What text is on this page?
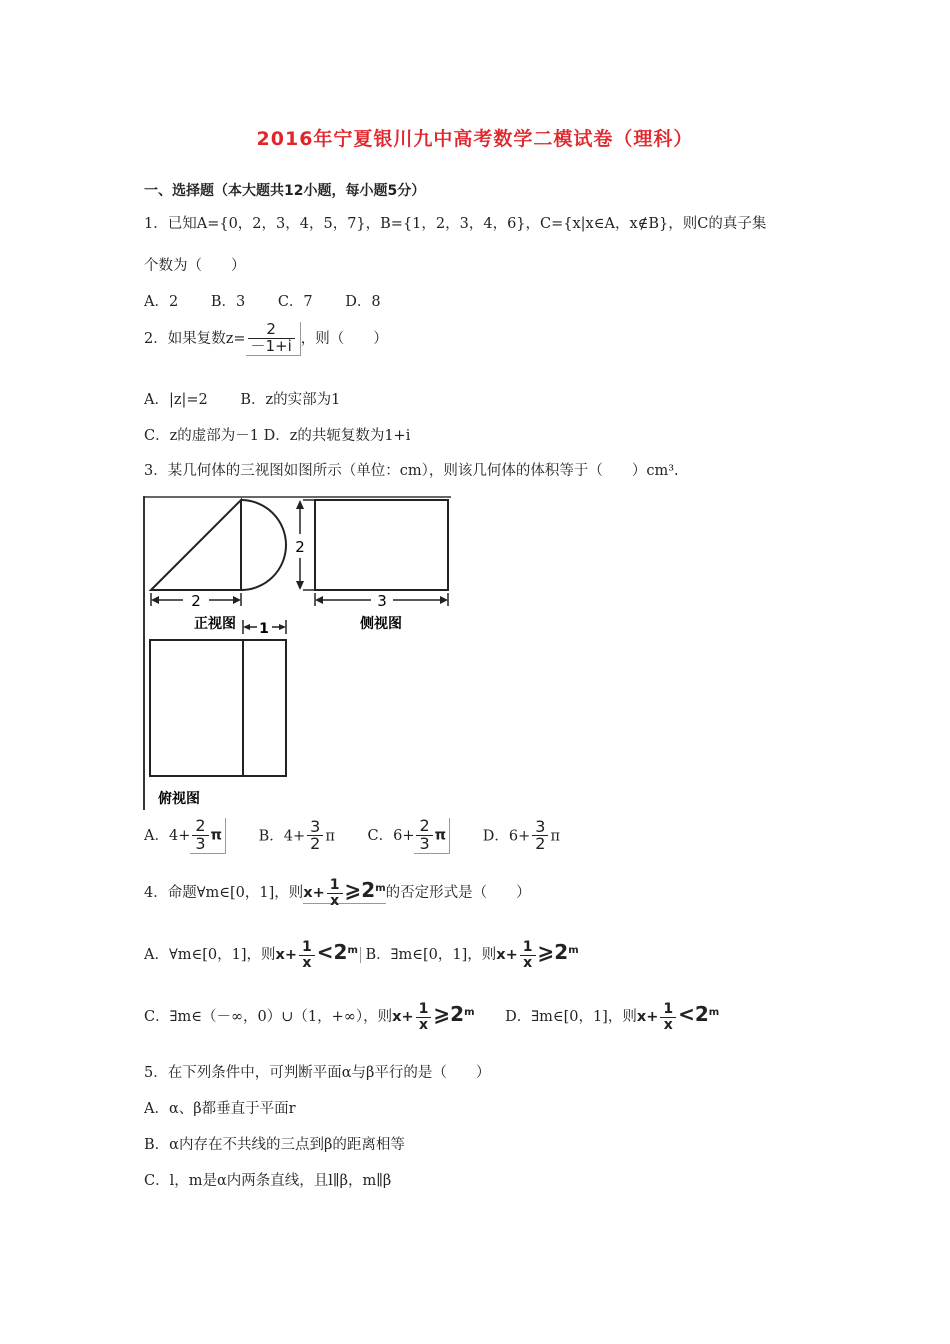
2016年宁夏银川九中高考数学二模试卷（理科）
一、选择题（本大题共12小题，每小题5分）
1．已知A={0，2，3，4，5，7}，B={1，2，3，4，6}，C={x|x∈A，x∉B}，则C的真子集
个数为（　　）
A．2 B．3 C．7 D．8
2．如果复数$z= \frac{2}{-1+i}$ ，则（　　）
A．|z|=2 B．z的实部为1
C．z的虚部为－1 D．z的共轭复数为1+i
3．某几何体的三视图如图所示（单位：cm），则该几何体的体积等于（　　）cm³.
2
正视图
2
3
侧视图
1
俯视图
A．$4+ \frac{2}{3}$ π	B．$4+ \frac{3}{2}$ π C．$6+ \frac{2}{3}$ π	D．$6+ \frac{3}{2}$ π
4．命题∀m∈[0，1]，则$x+ \frac{1}{x}$ ⩾2$^m$的否定形式是（　　）
A．∀m∈[0，1]，则$x+ \frac{1}{x} <2^m$ B．∃m∈[0，1]，则$x+ \frac{1}{x}$ ⩾2$^m$
C．∃m∈（－∞，0）∪（1，+∞），则$x+ \frac{1}{x}$ ⩾2$^m$ D．∃m∈[0，1]，则$x+ \frac{1}{x} <2^m$
5．在下列条件中，可判断平面α与β平行的是（　　）
A．α、β都垂直于平面r
B．α内存在不共线的三点到β的距离相等
C．l，m是α内两条直线，且l∥β，m∥β
